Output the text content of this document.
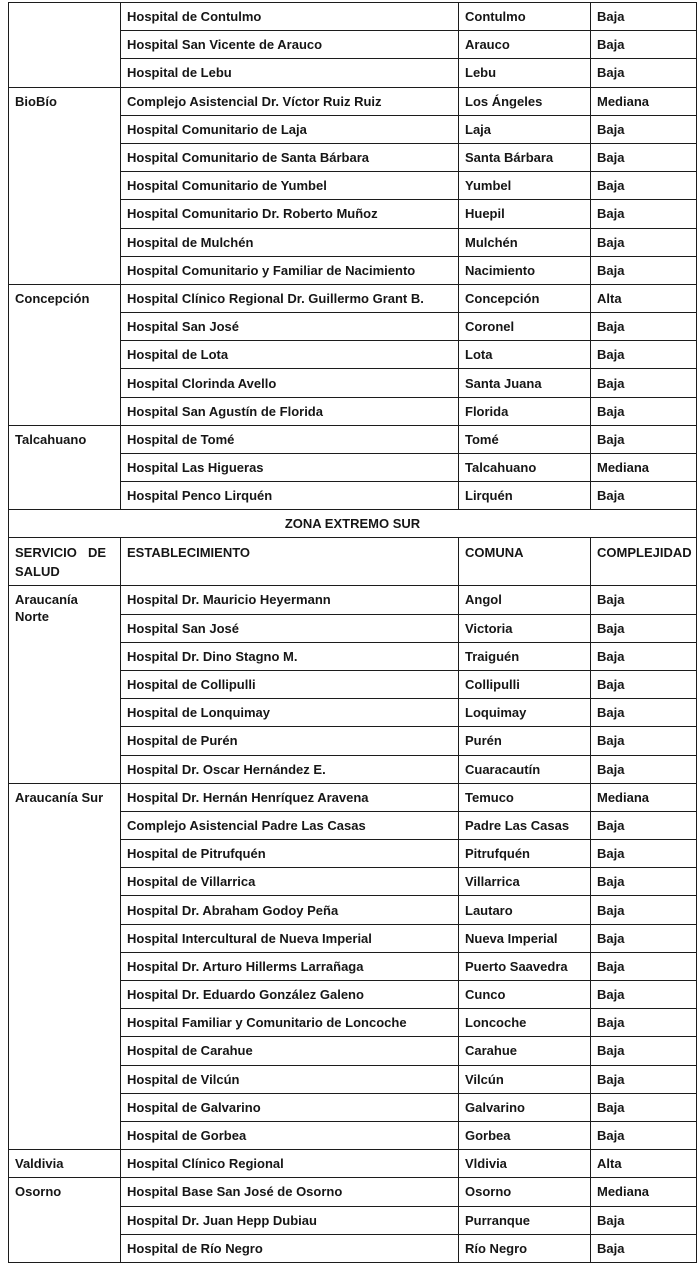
	Hospital de Contulmo	Contulmo	Baja
	Hospital San Vicente de Arauco	Arauco	Baja
	Hospital de Lebu	Lebu	Baja
BioBío	Complejo Asistencial Dr. Víctor Ruiz Ruiz	Los Ángeles	Mediana
	Hospital Comunitario de Laja	Laja	Baja
	Hospital Comunitario de Santa Bárbara	Santa Bárbara	Baja
	Hospital Comunitario de Yumbel	Yumbel	Baja
	Hospital Comunitario Dr. Roberto Muñoz	Huepil	Baja
	Hospital de Mulchén	Mulchén	Baja
	Hospital Comunitario y Familiar de Nacimiento	Nacimiento	Baja
Concepción	Hospital Clínico Regional Dr. Guillermo Grant B.	Concepción	Alta
	Hospital San José	Coronel	Baja
	Hospital de Lota	Lota	Baja
	Hospital Clorinda Avello	Santa Juana	Baja
	Hospital San Agustín de Florida	Florida	Baja
Talcahuano	Hospital de Tomé	Tomé	Baja
	Hospital Las Higueras	Talcahuano	Mediana
	Hospital Penco Lirquén	Lirquén	Baja
ZONA EXTREMO SUR			
SERVICIO DE SALUD	ESTABLECIMIENTO	COMUNA	COMPLEJIDAD
Araucanía Norte	Hospital Dr. Mauricio Heyermann	Angol	Baja
	Hospital San José	Victoria	Baja
	Hospital Dr. Dino Stagno M.	Traiguén	Baja
	Hospital de Collipulli	Collipulli	Baja
	Hospital de Lonquimay	Loquimay	Baja
	Hospital de Purén	Purén	Baja
	Hospital Dr. Oscar Hernández E.	Cuaracautín	Baja
Araucanía Sur	Hospital Dr. Hernán Henríquez Aravena	Temuco	Mediana
	Complejo Asistencial Padre Las Casas	Padre Las Casas	Baja
	Hospital de Pitrufquén	Pitrufquén	Baja
	Hospital de Villarrica	Villarrica	Baja
	Hospital Dr. Abraham Godoy Peña	Lautaro	Baja
	Hospital Intercultural de Nueva Imperial	Nueva Imperial	Baja
	Hospital Dr. Arturo Hillerms Larrañaga	Puerto Saavedra	Baja
	Hospital Dr. Eduardo González Galeno	Cunco	Baja
	Hospital Familiar y Comunitario de Loncoche	Loncoche	Baja
	Hospital de Carahue	Carahue	Baja
	Hospital de Vilcún	Vilcún	Baja
	Hospital de Galvarino	Galvarino	Baja
	Hospital de Gorbea	Gorbea	Baja
Valdivia	Hospital Clínico Regional	Vldivia	Alta
Osorno	Hospital Base San José de Osorno	Osorno	Mediana
	Hospital Dr. Juan Hepp Dubiau	Purranque	Baja
	Hospital de Río Negro	Río Negro	Baja
